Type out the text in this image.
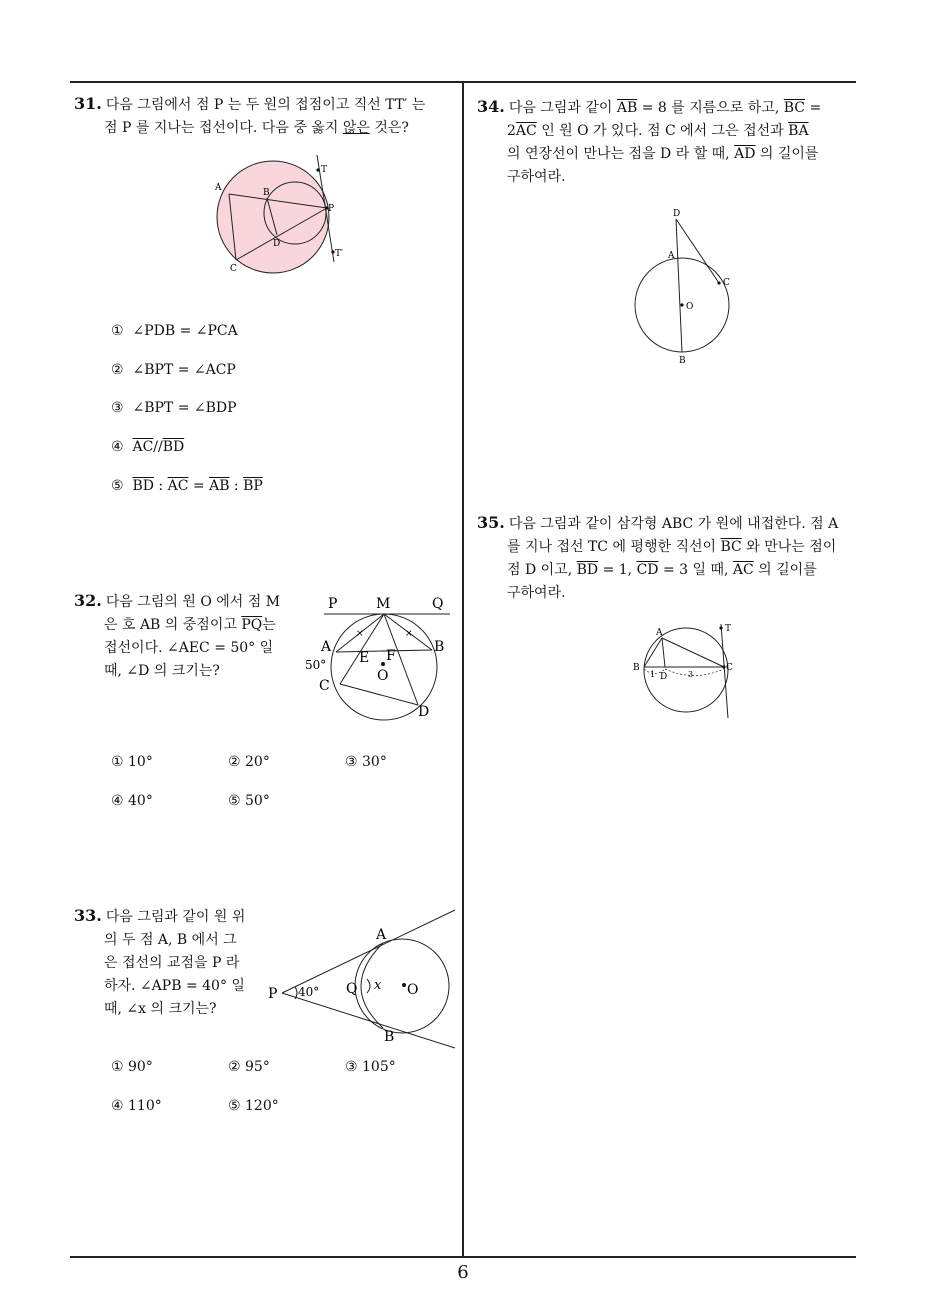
6
31. 다음 그림에서 점 P 는 두 원의 접점이고 직선 TT′ 는
점 P 를 지나는 접선이다. 다음 중 옳지 않은 것은?
A	B
C
D
P
T
T′
① ∠PDB = ∠PCA
② ∠BPT = ∠ACP
③ ∠BPT = ∠BDP
④ $\overline{AC}//\overline{BD}$
⑤ $\overline{BD}$ : $\overline{AC} = \overline{AB}$ : $\overline{BP}$
32. 다음 그림의 원 O 에서 점 M
은 호 AB 의 중점이고 $\overline{PQ}$는
접선이다. ∠AEC = 50° 일
때, ∠D 의 크기는?
×	×
P	M	Q
A	B
E F
O
C
D
50°
① 10°	② 20°	③ 30°
④ 40°	⑤ 50°
33. 다음 그림과 같이 원 위
의 두 점 A, B 에서 그
은 접선의 교점을 P 라
하자. ∠APB = 40° 일
때, ∠x 의 크기는?
A
B
P	Q	O
x
40°
① 90°	② 95°	③ 105°
④ 110°	⑤ 120°
34. 다음 그림과 같이 $\overline{AB} = 8$ 를 지름으로 하고, $\overline{BC}$ =
$2\overline{AC}$ 인 원 O 가 있다. 점 C 에서 그은 접선과 $\overline{BA}$
의 연장선이 만나는 점을 D 라 할 때, $\overline{AD}$ 의 길이를
구하여라.
D
A
C
O
B
35. 다음 그림과 같이 삼각형 ABC 가 원에 내접한다. 점 A
를 지나 접선 TC 에 평행한 직선이 $\overline{BC}$ 와 만나는 점이
점 D 이고, $\overline{BD} = 1$, $\overline{CD} = 3$ 일 때, $\overline{AC}$ 의 길이를
구하여라.
A	T
B	C
D
1	3
